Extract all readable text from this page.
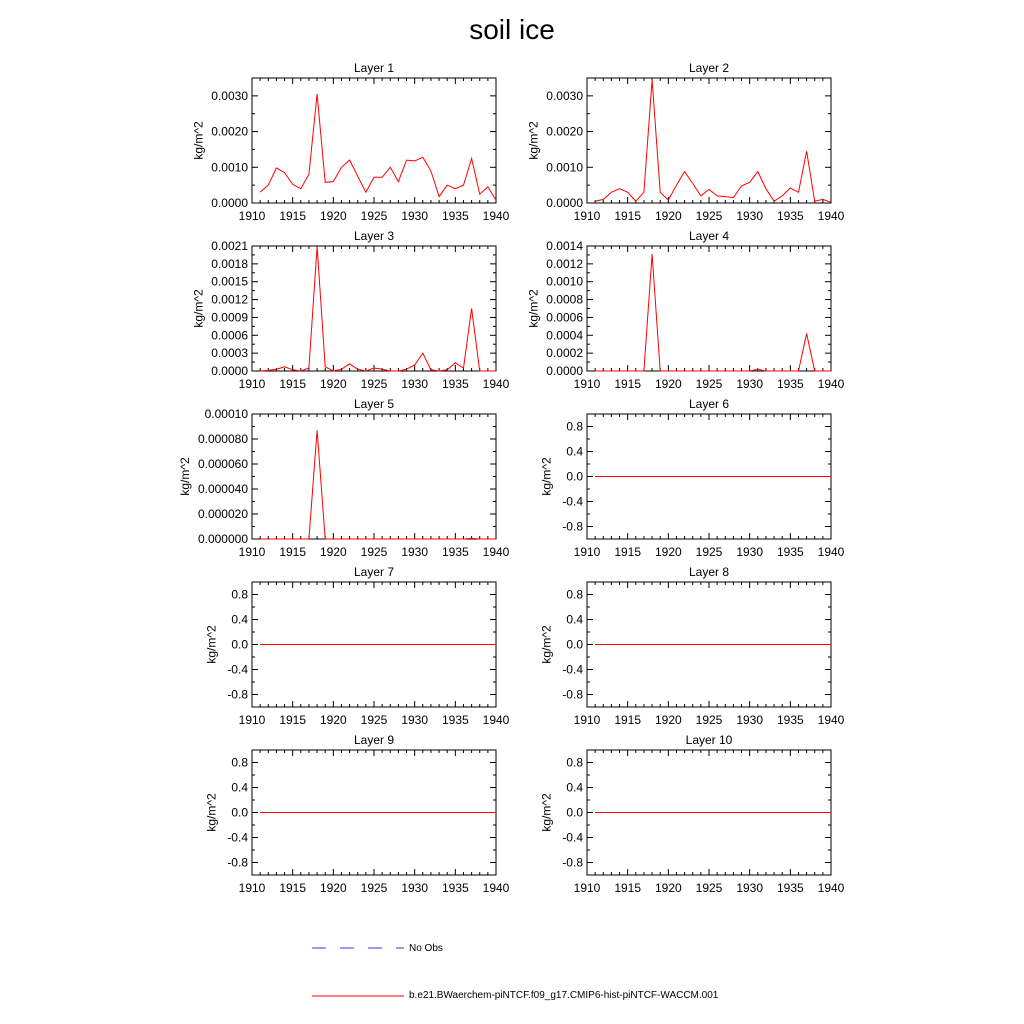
soil ice
Layer 1
1910 1915 1920 1925 1930 1935 1940
0.0000
0.0010
0.0020
0.0030
kg/m^2
Layer 2
1910 1915 1920 1925 1930 1935 1940
0.0000
0.0010
0.0020
0.0030
kg/m^2
Layer 3
1910 1915 1920 1925 1930 1935 1940
0.0000
0.0003
0.0006
0.0009
0.0012
0.0015
0.0018
0.0021
kg/m^2
Layer 4
1910 1915 1920 1925 1930 1935 1940
0.0000
0.0002
0.0004
0.0006
0.0008
0.0010
0.0012
0.0014
kg/m^2
Layer 5
1910 1915 1920 1925 1930 1935 1940
0.000000
0.000020
0.000040
0.000060
0.000080
0.00010
kg/m^2
Layer 6
1910 1915 1920 1925 1930 1935 1940
-0.8
-0.4
0.0
0.4
0.8
kg/m^2
Layer 7
1910 1915 1920 1925 1930 1935 1940
-0.8
-0.4
0.0
0.4
0.8
kg/m^2
Layer 8
1910 1915 1920 1925 1930 1935 1940
-0.8
-0.4
0.0
0.4
0.8
kg/m^2
Layer 9
1910 1915 1920 1925 1930 1935 1940
-0.8
-0.4
0.0
0.4
0.8
kg/m^2
Layer 10
1910 1915 1920 1925 1930 1935 1940
-0.8
-0.4
0.0
0.4
0.8
kg/m^2
No Obs
b.e21.BWaerchem-piNTCF.f09_g17.CMIP6-hist-piNTCF-WACCM.001
